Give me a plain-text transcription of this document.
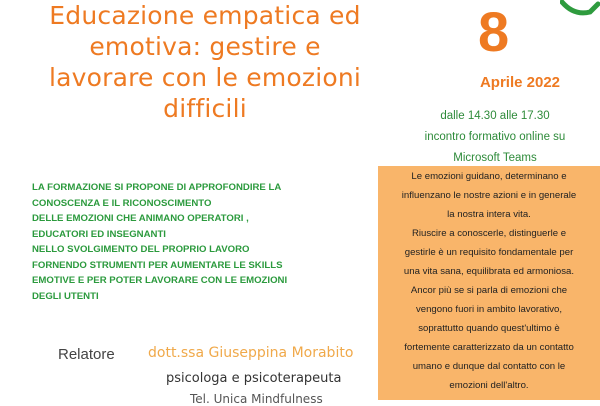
Educazione empatica ed
emotiva: gestire e
lavorare con le emozioni
difficili
8
Aprile 2022
dalle 14.30 alle 17.30
incontro formativo online su
Microsoft Teams
LA FORMAZIONE SI PROPONE DI APPROFONDIRE LA
CONOSCENZA E IL RICONOSCIMENTO
DELLE EMOZIONI CHE ANIMANO OPERATORI ,
EDUCATORI ED INSEGNANTI
NELLO SVOLGIMENTO DEL PROPRIO LAVORO
FORNENDO STRUMENTI PER AUMENTARE LE SKILLS
EMOTIVE E PER POTER LAVORARE CON LE EMOZIONI
DEGLI UTENTI
Le emozioni guidano, determinano e
influenzano le nostre azioni e in generale
la nostra intera vita.
Riuscire a conoscerle, distinguerle e
gestirle è un requisito fondamentale per
una vita sana, equilibrata ed armoniosa.
Ancor più se si parla di emozioni che
vengono fuori in ambito lavorativo,
soprattutto quando quest'ultimo è
fortemente caratterizzato da un contatto
umano e dunque dal contatto con le
emozioni dell'altro.
Relatore dott.ssa Giuseppina Morabito
psicologa e psicoterapeuta
Tel. Unica Mindfulness
